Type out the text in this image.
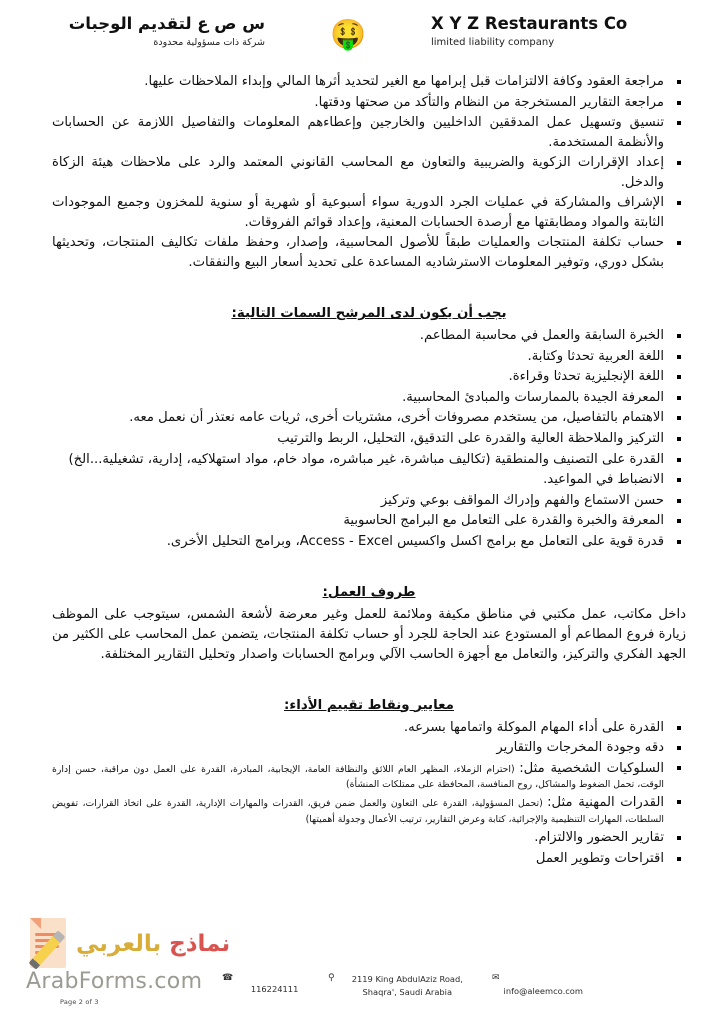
س ص ع لتقديم الوجبات
شركة ذات مسؤولية محدودة 🤑	X Y Z Restaurants Co
limited liability company
مراجعة العقود وكافة الالتزامات قبل إبرامها مع الغير لتحديد أثرها المالي وإبداء الملاحظات عليها.
مراجعة التقارير المستخرجة من النظام والتأكد من صحتها ودقتها.
تنسيق وتسهيل عمل المدققين الداخليين والخارجين وإعطاءهم المعلومات والتفاصيل اللازمة عن الحسابات والأنظمة المستخدمة.
إعداد الإقرارات الزكوية والضريبية والتعاون مع المحاسب القانوني المعتمد والرد على ملاحظات هيئة الزكاة والدخل.
الإشراف والمشاركة في عمليات الجرد الدورية سواء أسبوعية أو شهرية أو سنوية للمخزون وجميع الموجودات الثابتة والمواد ومطابقتها مع أرصدة الحسابات المعنية، وإعداد قوائم الفروقات.
حساب تكلفة المنتجات والعمليات طبقاً للأصول المحاسبية، وإصدار، وحفظ ملفات تكاليف المنتجات، وتحديثها بشكل دوري، وتوفير المعلومات الاسترشاديه المساعدة على تحديد أسعار البيع والنفقات.
يجب أن يكون لدى المرشح السمات التالية:
الخبرة السابقة والعمل في محاسبة المطاعم.
اللغة العربية تحدثا وكتابة.
اللغة الإنجليزية تحدثا وقراءة.
المعرفة الجيدة بالممارسات والمبادئ المحاسبية.
الاهتمام بالتفاصيل، من يستخدم مصروفات أخرى، مشتريات أخرى، ثريات عامه نعتذر أن نعمل معه.
التركيز والملاحظة العالية والقدرة على التدقيق، التحليل، الربط والترتيب
القدرة على التصنيف والمنطقية (تكاليف مباشرة، غير مباشره، مواد خام، مواد استهلاكيه، إدارية، تشغيلية...الخ)
الانضباط في المواعيد.
حسن الاستماع والفهم وإدراك المواقف بوعي وتركيز
المعرفة والخبرة والقدرة على التعامل مع البرامج الحاسوبية
قدرة قوية على التعامل مع برامج اكسل واكسيس Access - Excel، وبرامج التحليل الأخرى.
طروف العمل:
داخل مكاتب، عمل مكتبي في مناطق مكيفة وملائمة للعمل وغير معرضة لأشعة الشمس، سيتوجب على الموظف زيارة فروع المطاعم أو المستودع عند الحاجة للجرد أو حساب تكلفة المنتجات، يتضمن عمل المحاسب على الكثير من الجهد الفكري والتركيز، والتعامل مع أجهزة الحاسب الآلي وبرامج الحسابات واصدار وتحليل التقارير المختلفة.
معايير ونقاط تقييم الأداء:
القدرة على أداء المهام الموكلة واتمامها بسرعه.
دقه وجودة المخرجات والتقارير
السلوكيات الشخصية مثل: (احترام الزملاء، المظهر العام اللائق والنظافة العامة، الإيجابية، المبادرة، القدرة على العمل دون مراقبة، حسن إدارة الوقت، تحمل الضغوط والمشاكل، روح المنافسة، المحافظة على ممتلكات المنشأة)
القدرات المهنية مثل: (تحمل المسؤولية، القدرة على التعاون والعمل ضمن فريق، القدرات والمهارات الإدارية، القدرة على اتخاذ القرارات، تفويض السلطات، المهارات التنظيمية والإجرائية، كتابة وعرض التقارير، ترتيب الأعمال وجدولة أهميتها)
تقارير الحضور والالتزام.
اقتراحات وتطوير العمل
نماذج بالعربي
ArabForms.com
Page 2 of 3
☎
116224111
⚲	2119 King AbdulAziz Road, Shaqra', Saudi Arabia
✉
info@aleemco.com
